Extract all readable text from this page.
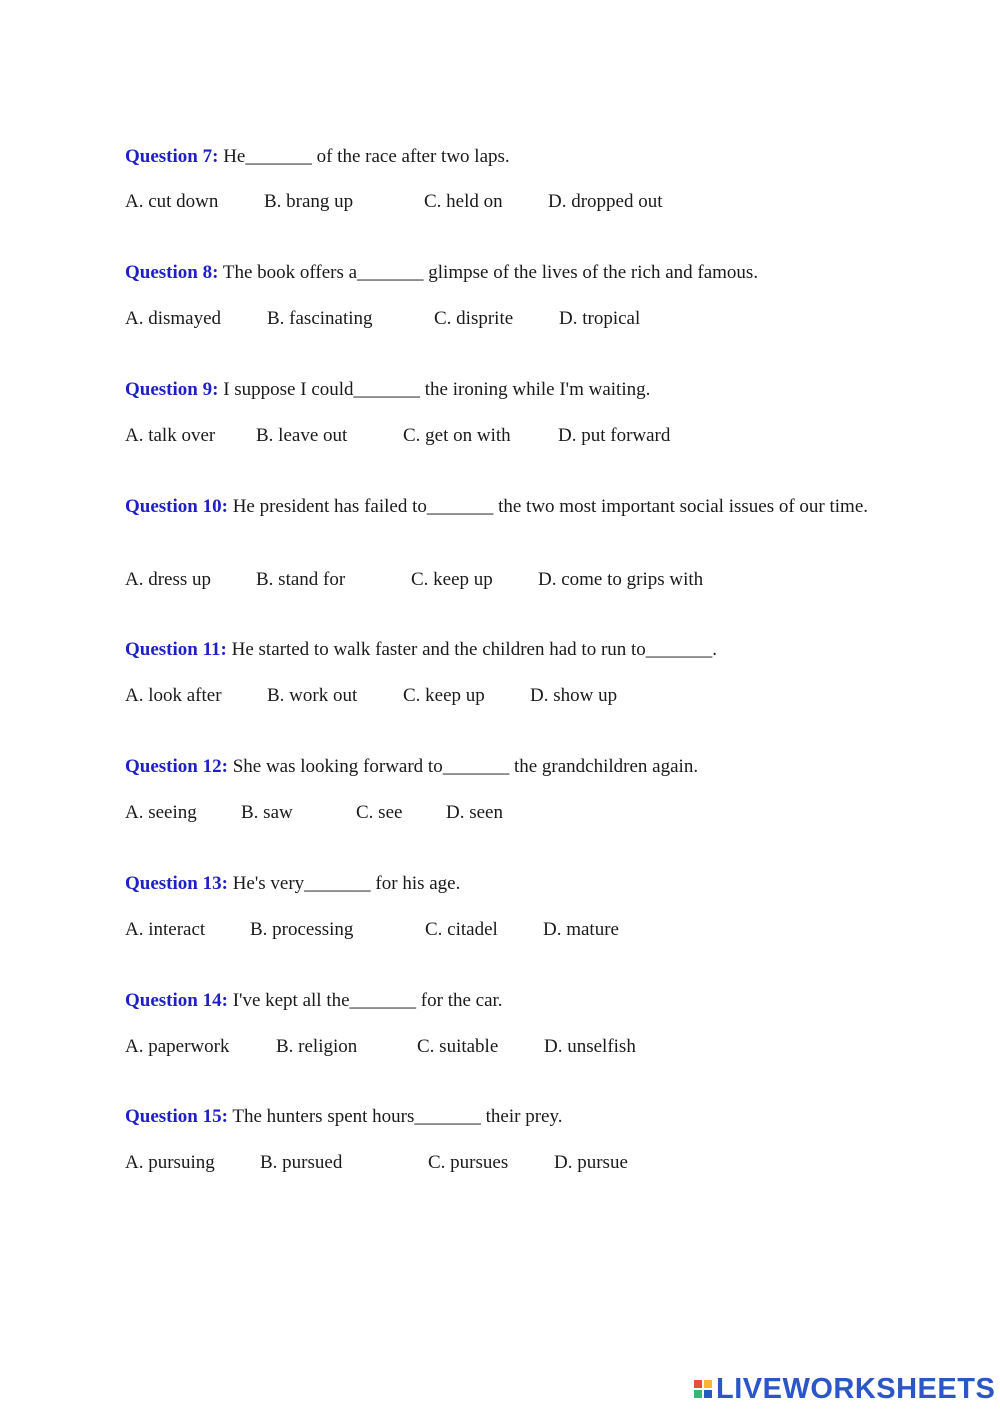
Question 7: He_______ of the race after two laps.
A. cut down B. brang up	C. held on D. dropped out
Question 8: The book offers a_______ glimpse of the lives of the rich and famous.
A. dismayed B. fascinating	C. disprite D. tropical
Question 9: I suppose I could_______ the ironing while I'm waiting.
A. talk over B. leave out	C. get on with D. put forward
Question 10: He president has failed to_______ the two most important social issues of our time.
A. dress up B. stand for	C. keep up D. come to grips with
Question 11: He started to walk faster and the children had to run to_______.
A. look after B. work out C. keep up D. show up
Question 12: She was looking forward to_______ the grandchildren again.
A. seeing B. saw	C. see D. seen
Question 13: He's very_______ for his age.
A. interact B. processing	C. citadel D. mature
Question 14: I've kept all the_______ for the car.
A. paperwork B. religion	C. suitable D. unselfish
Question 15: The hunters spent hours_______ their prey.
A. pursuing B. pursued	C. pursues D. pursue
LIVEWORKSHEETS
